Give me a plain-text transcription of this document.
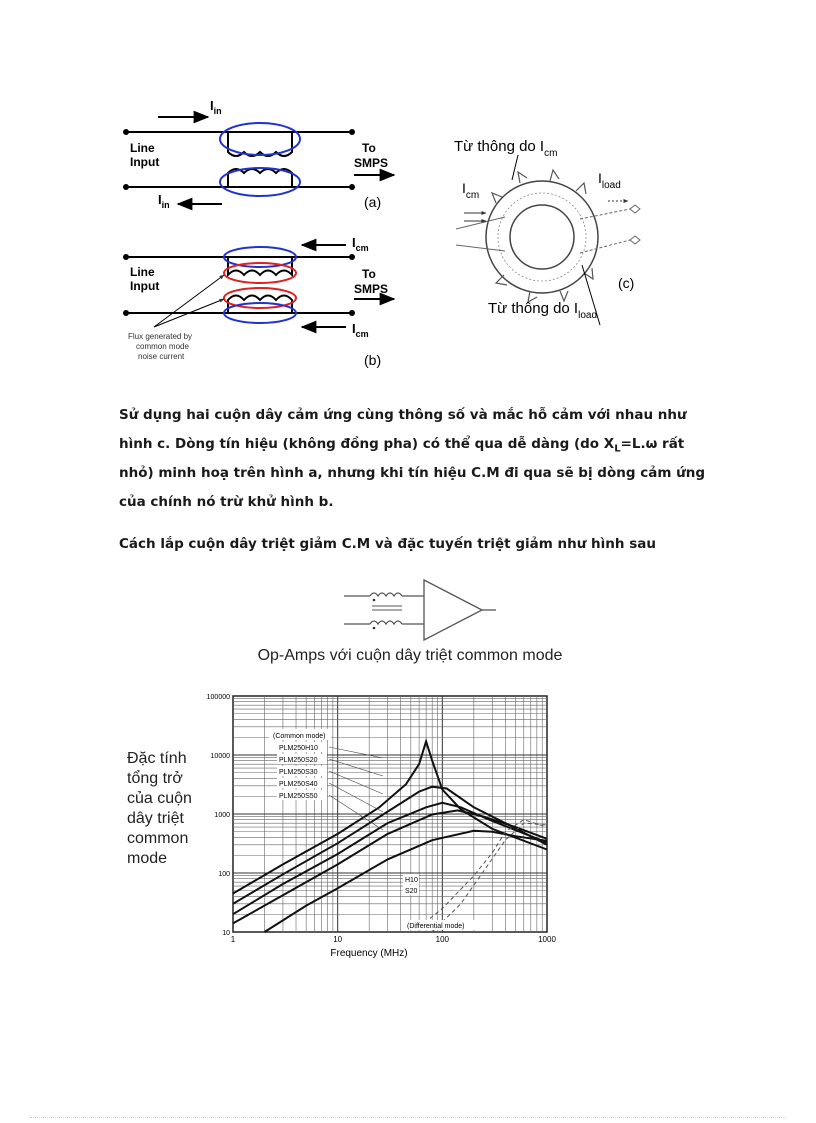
$I_{in}$
Line
Input
To
SMPS
$I_{in}$	(a)
$I_{cm}$
Line
Input
To
SMPS
$I_{cm}$
Flux generated by
common mode
noise current	(b)
Từ thông do $I_{cm}$
$I_{cm}$
$I_{load}$
Từ thông do $I_{load}$
(c)
Sử dụng hai cuộn dây cảm ứng cùng thông số và mắc hỗ cảm với nhau như
hình c. Dòng tín hiệu (không đồng pha) có thể qua dễ dàng (do $X_L=L.\omega$ rất
nhỏ) minh hoạ trên hình a, nhưng khi tín hiệu C.M đi qua sẽ bị dòng cảm ứng
của chính nó trừ khử hình b.
Cách lắp cuộn dây triệt giảm C.M và đặc tuyến triệt giảm như hình sau
Op-Amps với cuộn dây triệt common mode
Đặc tính
tổng trở
của cuộn
dây triệt
common
mode
1	10	100	1000
10
100
1000
10000
100000
(Common mode)
PLM250H10
PLM250S20
PLM250S30
PLM250S40
PLM250S50
H10
S20
(Differential mode)
Frequency (MHz)
